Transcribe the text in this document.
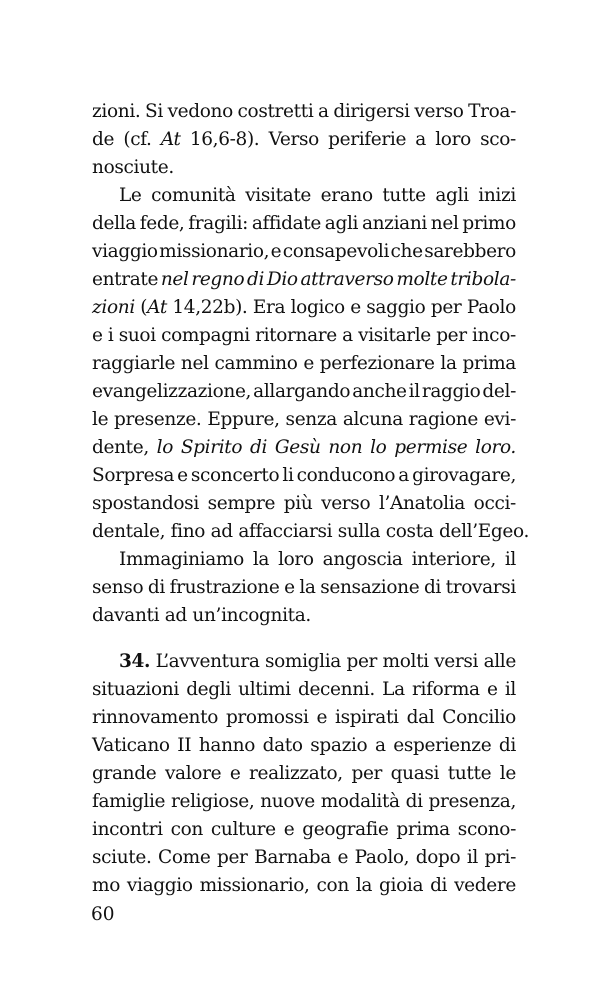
zioni. Si vedono costretti a dirigersi verso Troa-
de (cf. At 16,6-8). Verso periferie a loro sco-
nosciute.
Le comunità visitate erano tutte agli inizi
della fede, fragili: affidate agli anziani nel primo
viaggio missionario, e consapevoli che sarebbero
entrate nel regno di Dio attraverso molte tribola-
zioni (At 14,22b). Era logico e saggio per Paolo
e i suoi compagni ritornare a visitarle per inco-
raggiarle nel cammino e perfezionare la prima
evangelizzazione, allargando anche il raggio del-
le presenze. Eppure, senza alcuna ragione evi-
dente, lo Spirito di Gesù non lo permise loro.
Sorpresa e sconcerto li conducono a girovagare,
spostandosi sempre più verso l’Anatolia occi-
dentale, fino ad affacciarsi sulla costa dell’Egeo.
Immaginiamo la loro angoscia interiore, il
senso di frustrazione e la sensazione di trovarsi
davanti ad un’incognita.
34. L’avventura somiglia per molti versi alle
situazioni degli ultimi decenni. La riforma e il
rinnovamento promossi e ispirati dal Concilio
Vaticano II hanno dato spazio a esperienze di
grande valore e realizzato, per quasi tutte le
famiglie religiose, nuove modalità di presenza,
incontri con culture e geografie prima scono-
sciute. Come per Barnaba e Paolo, dopo il pri-
mo viaggio missionario, con la gioia di vedere
60
